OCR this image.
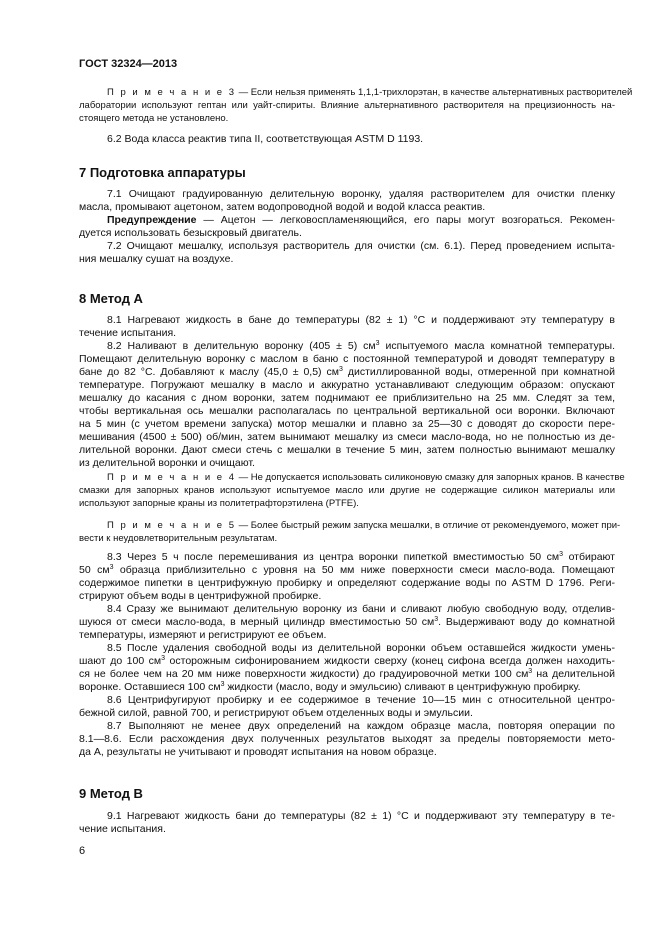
ГОСТ 32324—2013
П р и м е ч а н и е 3 — Если нельзя применять 1,1,1-трихлорэтан, в качестве альтернативных растворителей
лаборатории используют гептан или уайт-спириты. Влияние альтернативного растворителя на прецизионность на-
стоящего метода не установлено.
6.2 Вода класса реактив типа II, соответствующая ASTM D 1193.
7 Подготовка аппаратуры
7.1 Очищают градуированную делительную воронку, удаляя растворителем для очистки пленку
масла, промывают ацетоном, затем водопроводной водой и водой класса реактив.
Предупреждение — Ацетон — легковоспламеняющийся, его пары могут возгораться. Рекомен-
дуется использовать безыскровый двигатель.
7.2 Очищают мешалку, используя растворитель для очистки (см. 6.1). Перед проведением испыта-
ния мешалку сушат на воздухе.
8 Метод А
8.1 Нагревают жидкость в бане до температуры (82 ± 1) °С и поддерживают эту температуру в
течение испытания.
8.2 Наливают в делительную воронку (405 ± 5) $см^3$ испытуемого масла комнатной температуры.
Помещают делительную воронку с маслом в баню с постоянной температурой и доводят температуру в
бане до 82 °С. Добавляют к маслу (45,0 ± 0,5) $см^3$ дистиллированной воды, отмеренной при комнатной
температуре. Погружают мешалку в масло и аккуратно устанавливают следующим образом: опускают
мешалку до касания с дном воронки, затем поднимают ее приблизительно на 25 мм. Следят за тем,
чтобы вертикальная ось мешалки располагалась по центральной вертикальной оси воронки. Включают
на 5 мин (с учетом времени запуска) мотор мешалки и плавно за 25—30 с доводят до скорости пере-
мешивания (4500 ± 500) об/мин, затем вынимают мешалку из смеси масло-вода, но не полностью из де-
лительной воронки. Дают смеси стечь с мешалки в течение 5 мин, затем полностью вынимают мешалку
из делительной воронки и очищают.
П р и м е ч а н и е 4 — Не допускается использовать силиконовую смазку для запорных кранов. В качестве
смазки для запорных кранов используют испытуемое масло или другие не содержащие силикон материалы или
используют запорные краны из политетрафторэтилена (PTFE).
П р и м е ч а н и е 5 — Более быстрый режим запуска мешалки, в отличие от рекомендуемого, может при-
вести к неудовлетворительным результатам.
8.3 Через 5 ч после перемешивания из центра воронки пипеткой вместимостью 50 $см^3$ отбирают
50 $см^3$ образца приблизительно с уровня на 50 мм ниже поверхности смеси масло-вода. Помещают
содержимое пипетки в центрифужную пробирку и определяют содержание воды по ASTM D 1796. Реги-
стрируют объем воды в центрифужной пробирке.
8.4 Сразу же вынимают делительную воронку из бани и сливают любую свободную воду, отделив-
шуюся от смеси масло-вода, в мерный цилиндр вместимостью 50 $см^3$. Выдерживают воду до комнатной
температуры, измеряют и регистрируют ее объем.
8.5 После удаления свободной воды из делительной воронки объем оставшейся жидкости умень-
шают до 100 $см^3$ осторожным сифонированием жидкости сверху (конец сифона всегда должен находить-
ся не более чем на 20 мм ниже поверхности жидкости) до градуировочной метки 100 $см^3$ на делительной
воронке. Оставшиеся 100 $см^3$ жидкости (масло, воду и эмульсию) сливают в центрифужную пробирку.
8.6 Центрифугируют пробирку и ее содержимое в течение 10—15 мин с относительной центро-
бежной силой, равной 700, и регистрируют объем отделенных воды и эмульсии.
8.7 Выполняют не менее двух определений на каждом образце масла, повторяя операции по
8.1—8.6. Если расхождения двух полученных результатов выходят за пределы повторяемости мето-
да А, результаты не учитывают и проводят испытания на новом образце.
9 Метод В
9.1 Нагревают жидкость бани до температуры (82 ± 1) °С и поддерживают эту температуру в те-
чение испытания.
6
